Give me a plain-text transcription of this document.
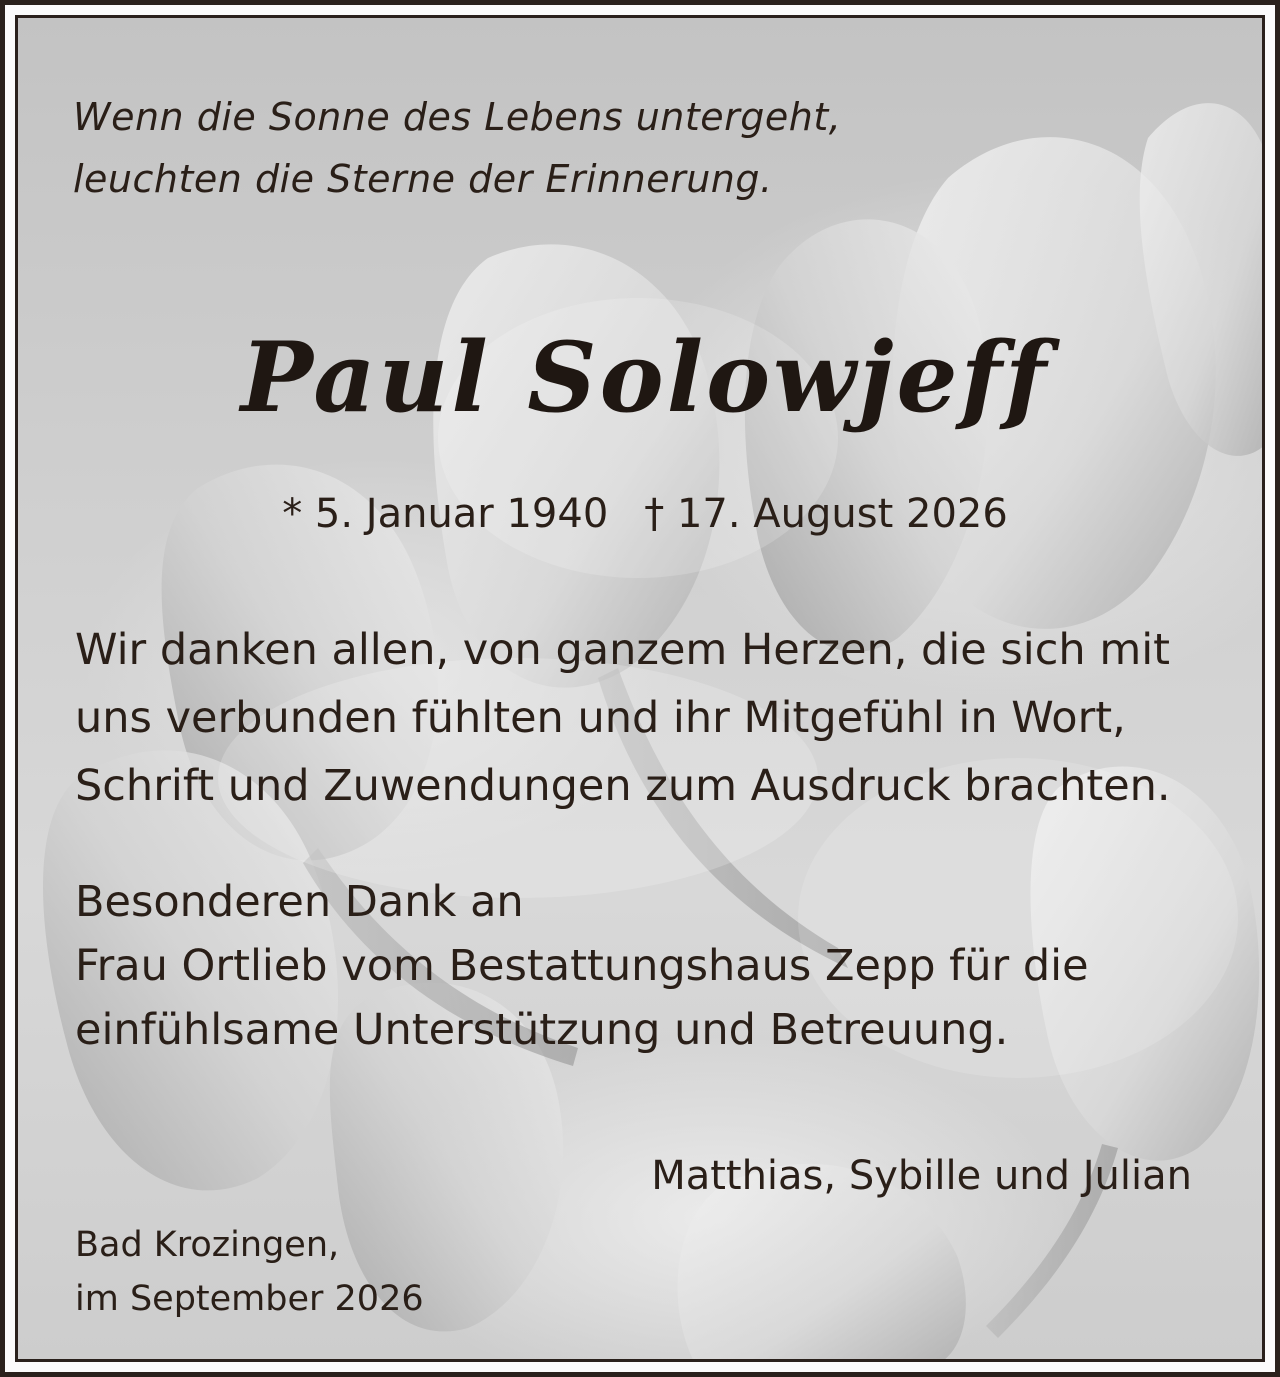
Wenn die Sonne des Lebens untergeht,
leuchten die Sterne der Erinnerung.
Paul Solowjeff
* 5. Januar 1940 † 17. August 2026
Wir danken allen, von ganzem Herzen, die sich mit
uns verbunden fühlten und ihr Mitgefühl in Wort,
Schrift und Zuwendungen zum Ausdruck brachten.
Besonderen Dank an
Frau Ortlieb vom Bestattungshaus Zepp für die
einfühlsame Unterstützung und Betreuung.
Matthias, Sybille und Julian
Bad Krozingen,
im September 2026
